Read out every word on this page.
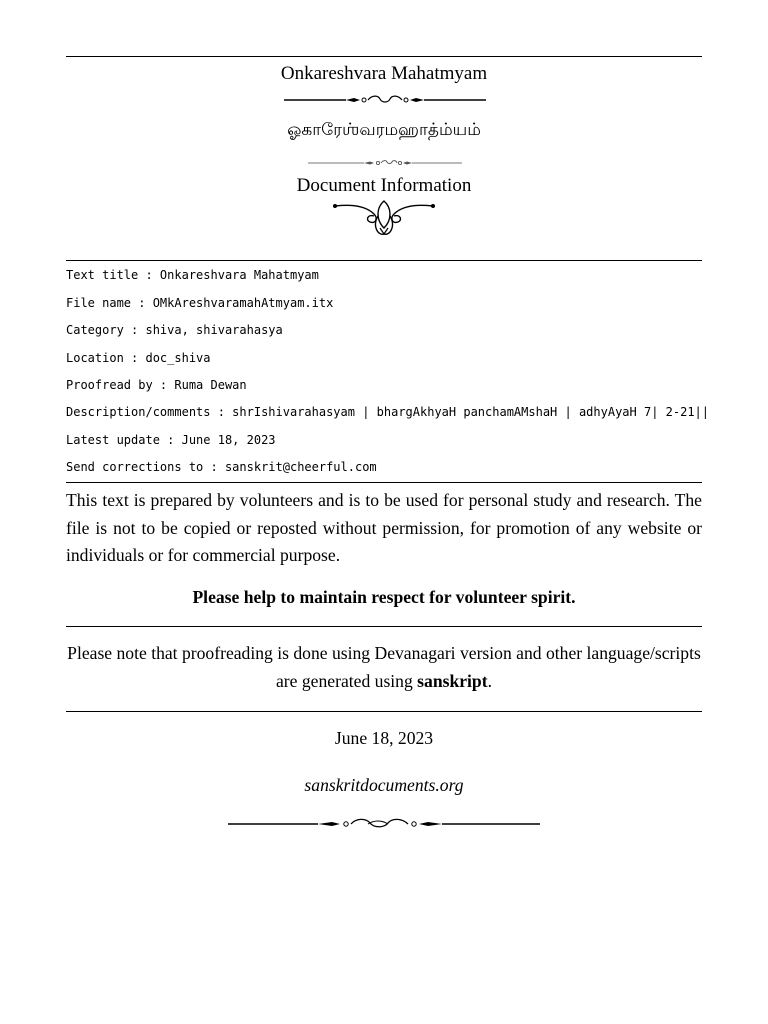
Onkareshvara Mahatmyam
ஓகாரேஶ்வரமஹாத்ம்யம்
Document Information
Text title : Onkareshvara Mahatmyam
File name : OMkAreshvaramahAtmyam.itx
Category : shiva, shivarahasya
Location : doc_shiva
Proofread by : Ruma Dewan
Description/comments : shrIshivarahasyam | bhargAkhyaH panchamAMshaH | adhyAyaH 7| 2-21||
Latest update : June 18, 2023
Send corrections to : sanskrit@cheerful.com
This text is prepared by volunteers and is to be used for personal study and research. The file is not to be copied or reposted without permission, for promotion of any website or individuals or for commercial purpose.
Please help to maintain respect for volunteer spirit.
Please note that proofreading is done using Devanagari version and other language/scripts are generated using sanskript.
June 18, 2023
sanskritdocuments.org
